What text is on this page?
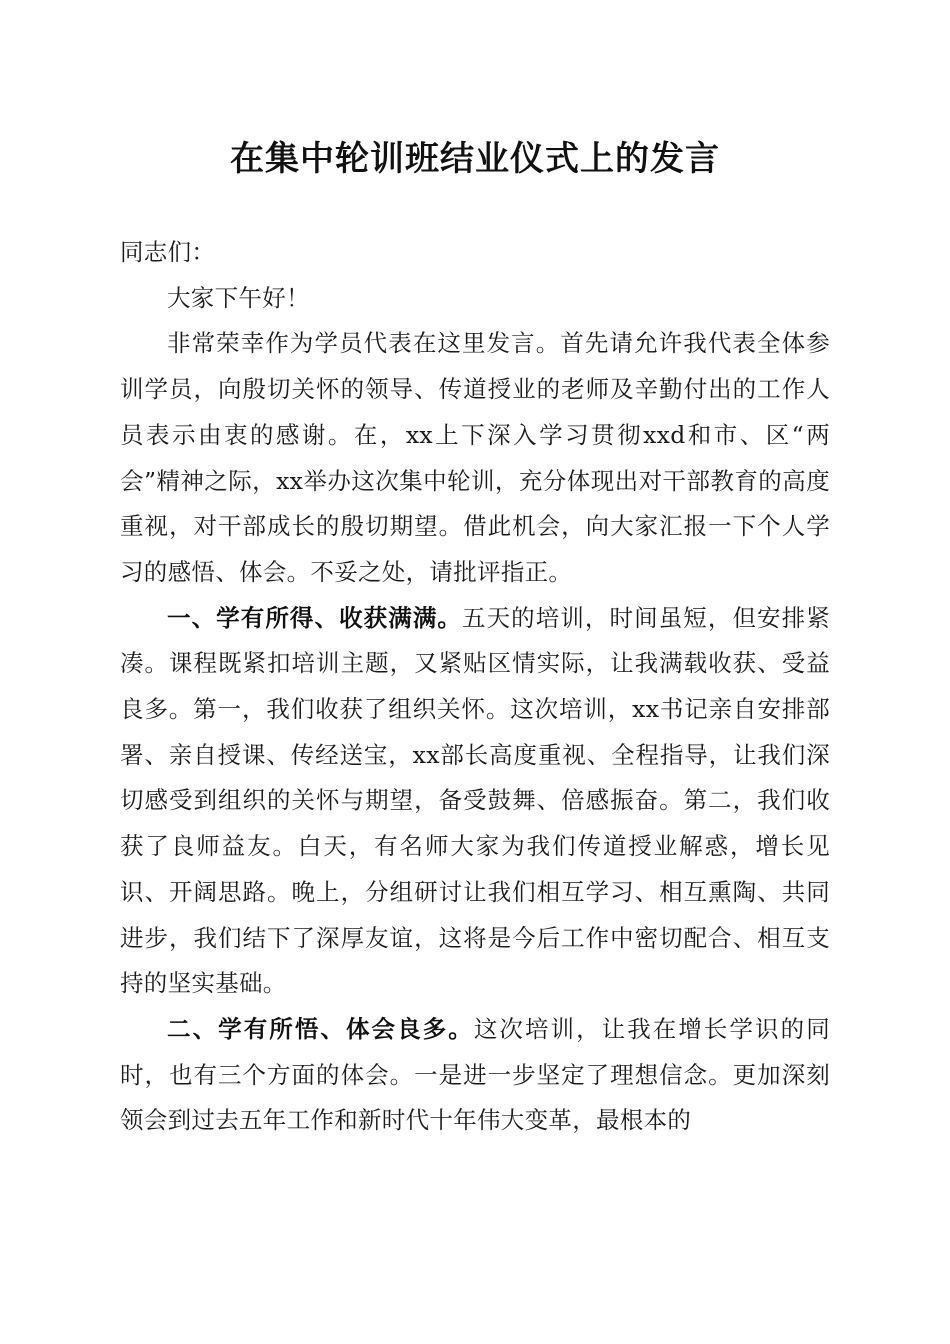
在集中轮训班结业仪式上的发言

同志们：

大家下午好！

非常荣幸作为学员代表在这里发言。首先请允许我代表全体参训学员，向殷切关怀的领导、传道授业的老师及辛勤付出的工作人员表示由衷的感谢。在，xx上下深入学习贯彻xxd和市、区“两会”精神之际，xx举办这次集中轮训，充分体现出对干部教育的高度重视，对干部成长的殷切期望。借此机会，向大家汇报一下个人学习的感悟、体会。不妥之处，请批评指正。

一、学有所得、收获满满。五天的培训，时间虽短，但安排紧凑。课程既紧扣培训主题，又紧贴区情实际，让我满载收获、受益良多。第一，我们收获了组织关怀。这次培训，xx书记亲自安排部署、亲自授课、传经送宝，xx部长高度重视、全程指导，让我们深切感受到组织的关怀与期望，备受鼓舞、倍感振奋。第二，我们收获了良师益友。白天，有名师大家为我们传道授业解惑，增长见识、开阔思路。晚上，分组研讨让我们相互学习、相互熏陶、共同进步，我们结下了深厚友谊，这将是今后工作中密切配合、相互支持的坚实基础。

二、学有所悟、体会良多。这次培训，让我在增长学识的同时，也有三个方面的体会。一是进一步坚定了理想信念。更加深刻领会到过去五年工作和新时代十年伟大变革，最根本的
